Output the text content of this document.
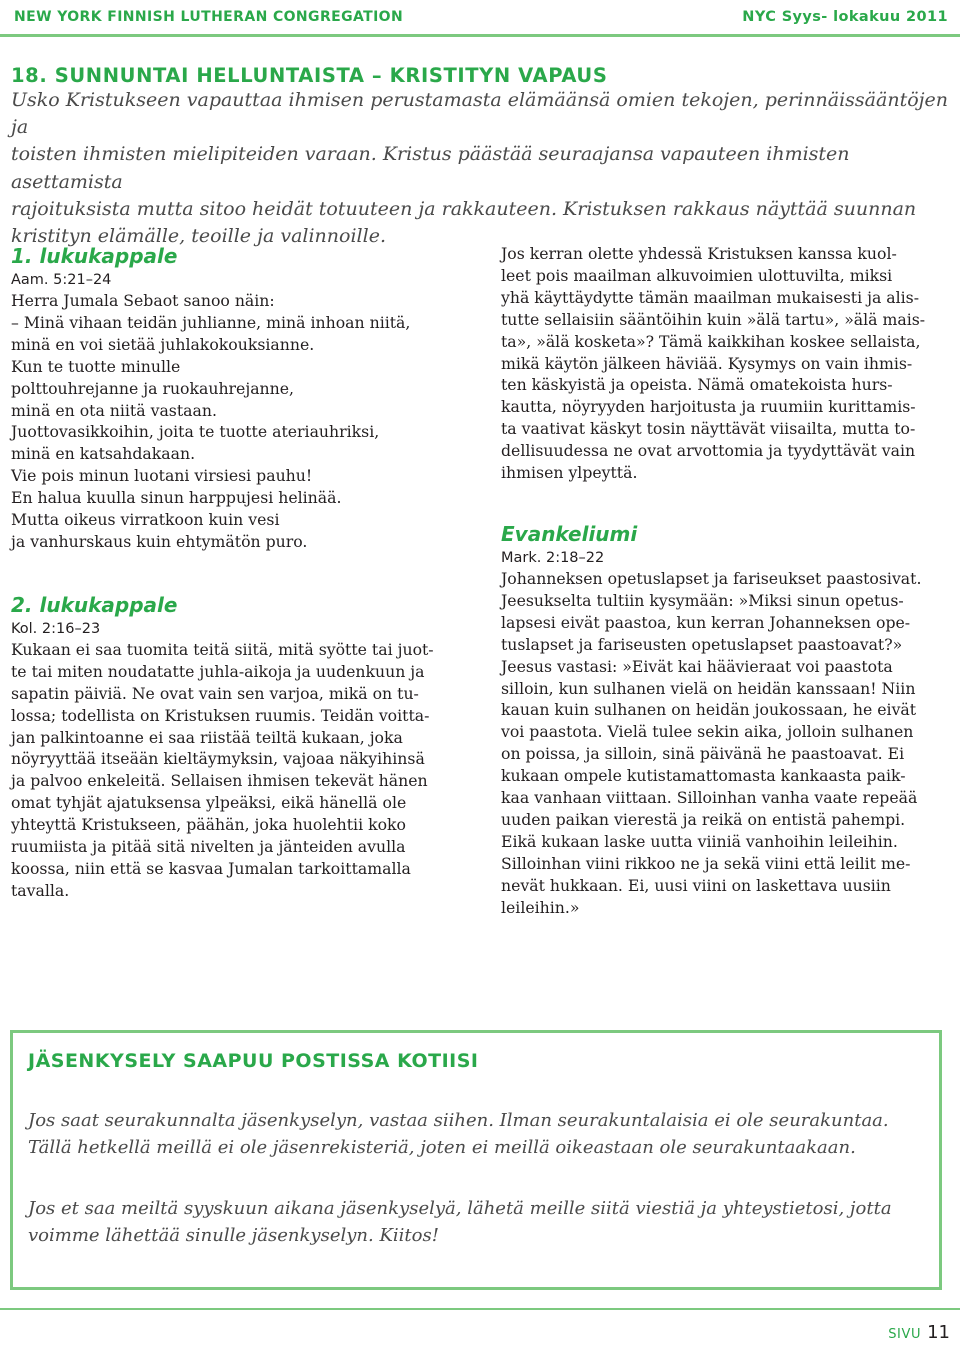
NEW YORK FINNISH LUTHERAN CONGREGATION	NYC Syys- lokakuu 2011
18. SUNNUNTAI HELLUNTAISTA – KRISTITYN VAPAUS

Usko Kristukseen vapauttaa ihmisen perustamasta elämäänsä omien tekojen, perinnäissääntöjen ja

toisten ihmisten mielipiteiden varaan. Kristus päästää seuraajansa vapauteen ihmisten asettamista

rajoituksista mutta sitoo heidät totuuteen ja rakkauteen. Kristuksen rakkaus näyttää suunnan

kristityn elämälle, teoille ja valinnoille.

1. lukukappale

Aam. 5:21–24

Herra Jumala Sebaot sanoo näin:

– Minä vihaan teidän juhlianne, minä inhoan niitä,

minä en voi sietää juhlakokouksianne.

Kun te tuotte minulle

polttouhrejanne ja ruokauhrejanne,

minä en ota niitä vastaan.

Juottovasikkoihin, joita te tuotte ateriauhriksi,

minä en katsahdakaan.

Vie pois minun luotani virsiesi pauhu!

En halua kuulla sinun harppujesi helinää.

Mutta oikeus virratkoon kuin vesi

ja vanhurskaus kuin ehtymätön puro.

2. lukukappale

Kol. 2:16–23

Kukaan ei saa tuomita teitä siitä, mitä syötte tai juot-

te tai miten noudatatte juhla-aikoja ja uudenkuun ja

sapatin päiviä. Ne ovat vain sen varjoa, mikä on tu-

lossa; todellista on Kristuksen ruumis. Teidän voitta-

jan palkintoanne ei saa riistää teiltä kukaan, joka

nöyryyttää itseään kieltäymyksin, vajoaa näkyihinsä

ja palvoo enkeleitä. Sellaisen ihmisen tekevät hänen

omat tyhjät ajatuksensa ylpeäksi, eikä hänellä ole

yhteyttä Kristukseen, päähän, joka huolehtii koko

ruumiista ja pitää sitä nivelten ja jänteiden avulla

koossa, niin että se kasvaa Jumalan tarkoittamalla

tavalla.

Jos kerran olette yhdessä Kristuksen kanssa kuol-

leet pois maailman alkuvoimien ulottuvilta, miksi

yhä käyttäydytte tämän maailman mukaisesti ja alis-

tutte sellaisiin sääntöihin kuin »älä tartu», »älä mais-

ta», »älä kosketa»? Tämä kaikkihan koskee sellaista,

mikä käytön jälkeen häviää. Kysymys on vain ihmis-

ten käskyistä ja opeista. Nämä omatekoista hurs-

kautta, nöyryyden harjoitusta ja ruumiin kurittamis-

ta vaativat käskyt tosin näyttävät viisailta, mutta to-

dellisuudessa ne ovat arvottomia ja tyydyttävät vain

ihmisen ylpeyttä.

Evankeliumi

Mark. 2:18–22

Johanneksen opetuslapset ja fariseukset paastosivat.

Jeesukselta tultiin kysymään: »Miksi sinun opetus-

lapsesi eivät paastoa, kun kerran Johanneksen ope-

tuslapset ja fariseusten opetuslapset paastoavat?»

Jeesus vastasi: »Eivät kai häävieraat voi paastota

silloin, kun sulhanen vielä on heidän kanssaan! Niin

kauan kuin sulhanen on heidän joukossaan, he eivät

voi paastota. Vielä tulee sekin aika, jolloin sulhanen

on poissa, ja silloin, sinä päivänä he paastoavat. Ei

kukaan ompele kutistamattomasta kankaasta paik-

kaa vanhaan viittaan. Silloinhan vanha vaate repeää

uuden paikan vierestä ja reikä on entistä pahempi.

Eikä kukaan laske uutta viiniä vanhoihin leileihin.

Silloinhan viini rikkoo ne ja sekä viini että leilit me-

nevät hukkaan. Ei, uusi viini on laskettava uusiin

leileihin.»

JÄSENKYSELY SAAPUU POSTISSA KOTIISI

Jos saat seurakunnalta jäsenkyselyn, vastaa siihen. Ilman seurakuntalaisia ei ole seurakuntaa.

Tällä hetkellä meillä ei ole jäsenrekisteriä, joten ei meillä oikeastaan ole seurakuntaakaan.

Jos et saa meiltä syyskuun aikana jäsenkyselyä, lähetä meille siitä viestiä ja yhteystietosi, jotta

voimme lähettää sinulle jäsenkyselyn. Kiitos!

SIVU 11
